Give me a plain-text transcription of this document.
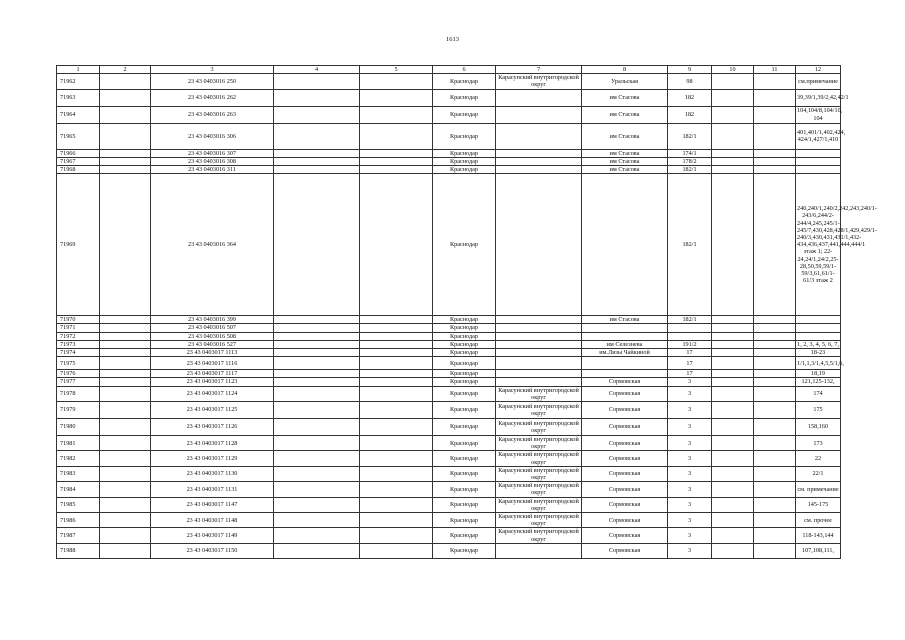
1613
1	2	3	4	5	6	7	8	9	10	11	12
71962		23 43 0403016 250			Краснодар	Карасунский внутригородской округ	Уральская	98			см.примечание
71963		23 43 0403016 262			Краснодар		им Стасова	182			39,39/1,39/2,42,42/1
71964		23 43 0403016 263			Краснодар		им Стасова	182			104,104/8,104/10, 104
71965		23 43 0403016 306			Краснодар		им Стасова	182/1			401,401/1,402,424, 424/1,427/1,410
71966		23 43 0403016 307			Краснодар		им Стасова	174/1			
71967		23 43 0403016 308			Краснодар		им Стасова	178/2			
71968		23 43 0403016 311			Краснодар		им Стасова	182/1			
71969		23 43 0403016 364			Краснодар			182/1			240,240/1,240/2,242,243,240/1-243/6,244/2-244/4,245,245/1-245/7,430,428,428/1,429,429/1-240/3,430,431,431/1,432-434,436,437,441,444,444/1 этаж 1; 22-24,24/1,24/2,25-28,50,59,59/1-59/3,61,61/1-61/3 этаж 2
71970		23 43 0403016 399			Краснодар		им Стасова	182/1			
71971		23 43 0403016 507			Краснодар						
71972		23 43 0403016 508			Краснодар						
71973		23 43 0403016 527			Краснодар		им Селезнева	191/2			1, 2, 3, 4, 5, 6, 7,
71974		23 43 0403017 1113			Краснодар		им.Лизы Чайкиной	17			18-23
71975		23 43 0403017 1116			Краснодар			17			1/1,1,3/1,4,5,5/1,6,
71976		23 43 0403017 1117			Краснодар			17			18,19
71977		23 43 0403017 1123			Краснодар		Сормовская	3			121,125-132,
71978		23 43 0403017 1124			Краснодар	Карасунский внутригородской округ	Сормовская	3			174
71979		23 43 0403017 1125			Краснодар	Карасунский внутригородской округ	Сормовская	3			175
71980		23 43 0403017 1126			Краснодар	Карасунский внутригородской округ	Сормовская	3			158,160
71981		23 43 0403017 1128			Краснодар	Карасунский внутригородской округ	Сормовская	3			173
71982		23 43 0403017 1129			Краснодар	Карасунский внутригородской округ	Сормовская	3			22
71983		23 43 0403017 1130			Краснодар	Карасунский внутригородской округ	Сормовская	3			22/1
71984		23 43 0403017 1131			Краснодар	Карасунский внутригородской округ	Сормовская	3			см. примечание
71985		23 43 0403017 1147			Краснодар	Карасунский внутригородской округ	Сормовская	3			145-175
71986		23 43 0403017 1148			Краснодар	Карасунский внутригородской округ	Сормовская	3			см. прочее
71987		23 43 0403017 1149			Краснодар	Карасунский внутригородской округ	Сормовская	3			118-143,144
71988		23 43 0403017 1150			Краснодар		Сормовская	3			107,108,111,
